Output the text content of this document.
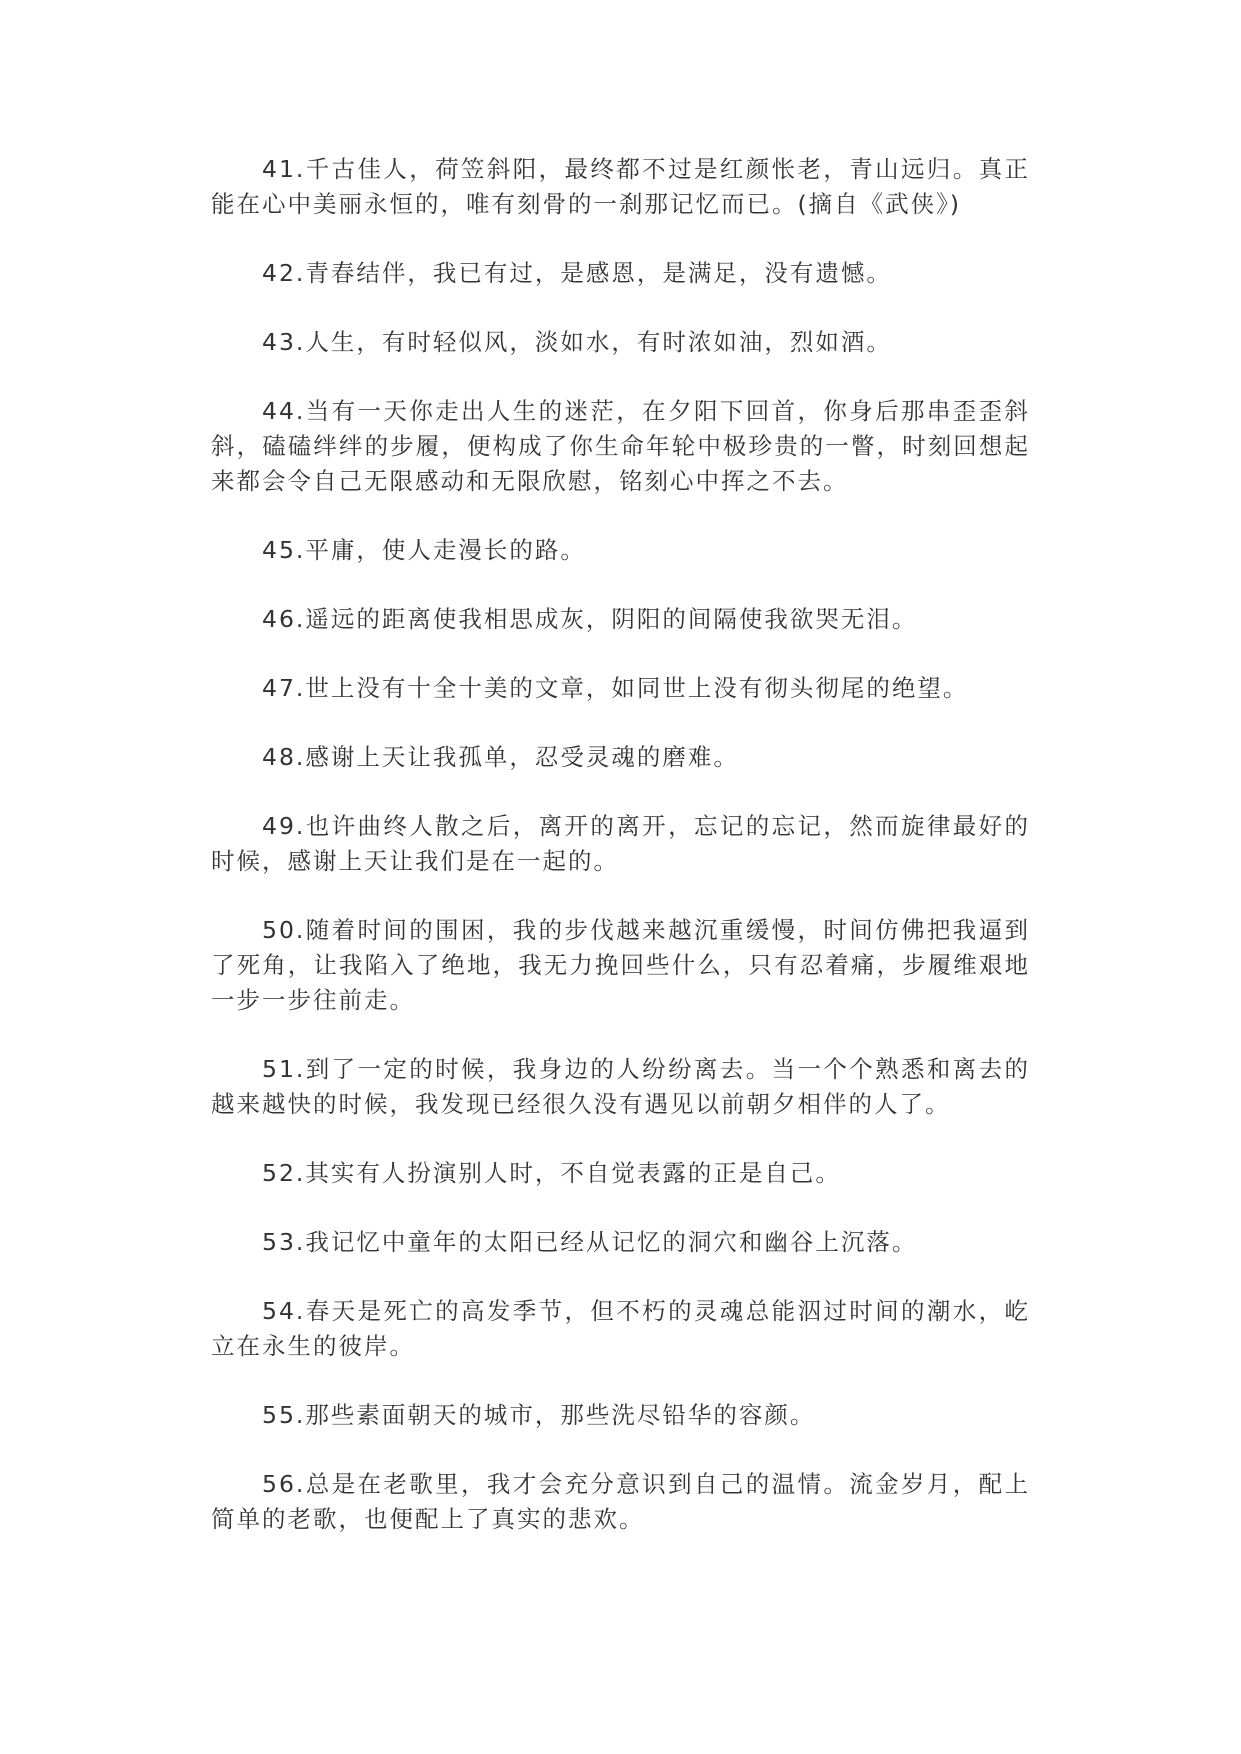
41.千古佳人，荷笠斜阳，最终都不过是红颜怅老，青山远归。真正能在心中美丽永恒的，唯有刻骨的一刹那记忆而已。(摘自《武侠》)

42.青春结伴，我已有过，是感恩，是满足，没有遗憾。

43.人生，有时轻似风，淡如水，有时浓如油，烈如酒。

44.当有一天你走出人生的迷茫，在夕阳下回首，你身后那串歪歪斜斜，磕磕绊绊的步履，便构成了你生命年轮中极珍贵的一瞥，时刻回想起来都会令自己无限感动和无限欣慰，铭刻心中挥之不去。

45.平庸，使人走漫长的路。

46.遥远的距离使我相思成灰，阴阳的间隔使我欲哭无泪。

47.世上没有十全十美的文章，如同世上没有彻头彻尾的绝望。

48.感谢上天让我孤单，忍受灵魂的磨难。

49.也许曲终人散之后，离开的离开，忘记的忘记，然而旋律最好的时候，感谢上天让我们是在一起的。

50.随着时间的围困，我的步伐越来越沉重缓慢，时间仿佛把我逼到了死角，让我陷入了绝地，我无力挽回些什么，只有忍着痛，步履维艰地一步一步往前走。

51.到了一定的时候，我身边的人纷纷离去。当一个个熟悉和离去的越来越快的时候，我发现已经很久没有遇见以前朝夕相伴的人了。

52.其实有人扮演别人时，不自觉表露的正是自己。

53.我记忆中童年的太阳已经从记忆的洞穴和幽谷上沉落。

54.春天是死亡的高发季节，但不朽的灵魂总能泅过时间的潮水，屹立在永生的彼岸。

55.那些素面朝天的城市，那些洗尽铅华的容颜。

56.总是在老歌里，我才会充分意识到自己的温情。流金岁月，配上简单的老歌，也便配上了真实的悲欢。
